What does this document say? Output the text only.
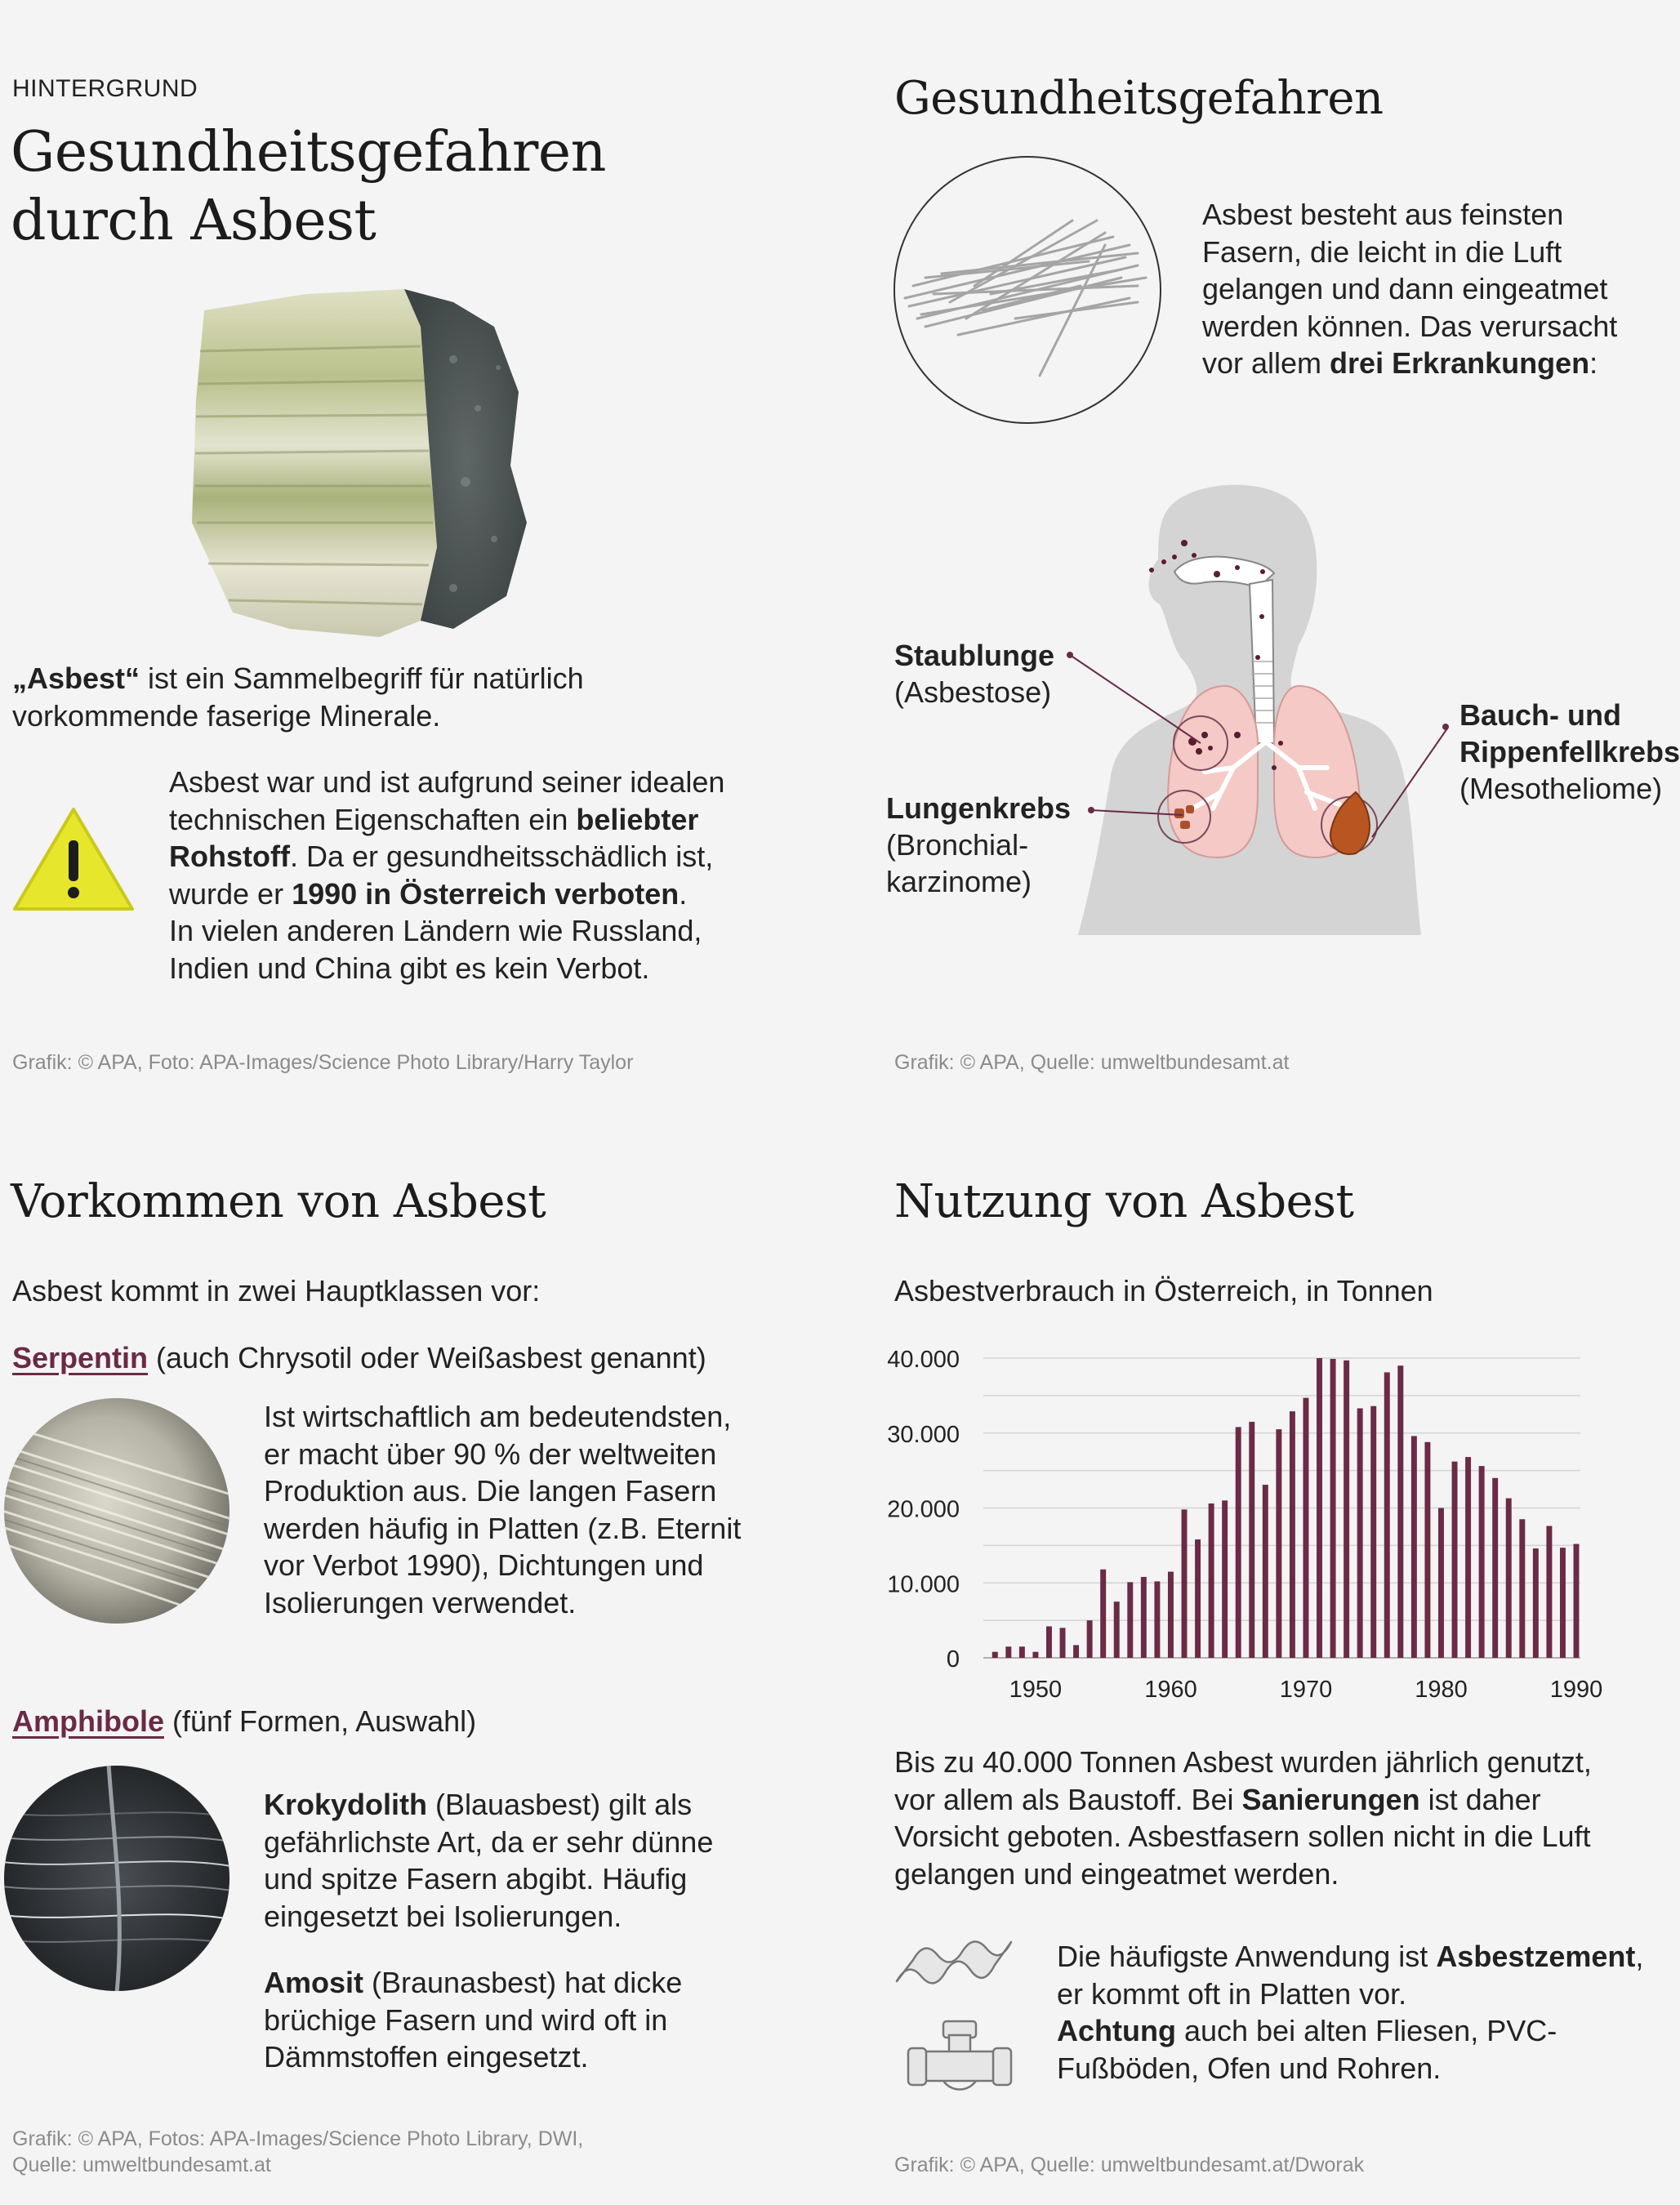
HINTERGRUND
Gesundheitsgefahren
durch Asbest
„Asbest“ ist ein Sammelbegriff für natürlich
vorkommende faserige Minerale.
Asbest war und ist aufgrund seiner idealen
technischen Eigenschaften ein beliebter
Rohstoff. Da er gesundheitsschädlich ist,
wurde er 1990 in Österreich verboten.
In vielen anderen Ländern wie Russland,
Indien und China gibt es kein Verbot.
Grafik: © APA, Foto: APA-Images/Science Photo Library/Harry Taylor
Gesundheitsgefahren
Asbest besteht aus feinsten
Fasern, die leicht in die Luft
gelangen und dann eingeatmet
werden können. Das verursacht
vor allem drei Erkrankungen:
Staublunge
(Asbestose)
Lungenkrebs
(Bronchial-
karzinome)
Bauch- und
Rippenfellkrebs
(Mesotheliome)
Grafik: © APA, Quelle: umweltbundesamt.at
Vorkommen von Asbest
Asbest kommt in zwei Hauptklassen vor:
Serpentin (auch Chrysotil oder Weißasbest genannt)
Ist wirtschaftlich am bedeutendsten,
er macht über 90 % der weltweiten
Produktion aus. Die langen Fasern
werden häufig in Platten (z.B. Eternit
vor Verbot 1990), Dichtungen und
Isolierungen verwendet.
Amphibole (fünf Formen, Auswahl)
Krokydolith (Blauasbest) gilt als
gefährlichste Art, da er sehr dünne
und spitze Fasern abgibt. Häufig
eingesetzt bei Isolierungen.
Amosit (Braunasbest) hat dicke
brüchige Fasern und wird oft in
Dämmstoffen eingesetzt.
Grafik: © APA, Fotos: APA-Images/Science Photo Library, DWI,
Quelle: umweltbundesamt.at
Nutzung von Asbest
Asbestverbrauch in Österreich, in Tonnen
0
10.000
20.000
30.000
40.000
1950	1960	1970	1980	1990
Bis zu 40.000 Tonnen Asbest wurden jährlich genutzt,
vor allem als Baustoff. Bei Sanierungen ist daher
Vorsicht geboten. Asbestfasern sollen nicht in die Luft
gelangen und eingeatmet werden.
Die häufigste Anwendung ist Asbestzement,
er kommt oft in Platten vor.
Achtung auch bei alten Fliesen, PVC-
Fußböden, Ofen und Rohren.
Grafik: © APA, Quelle: umweltbundesamt.at/Dworak
